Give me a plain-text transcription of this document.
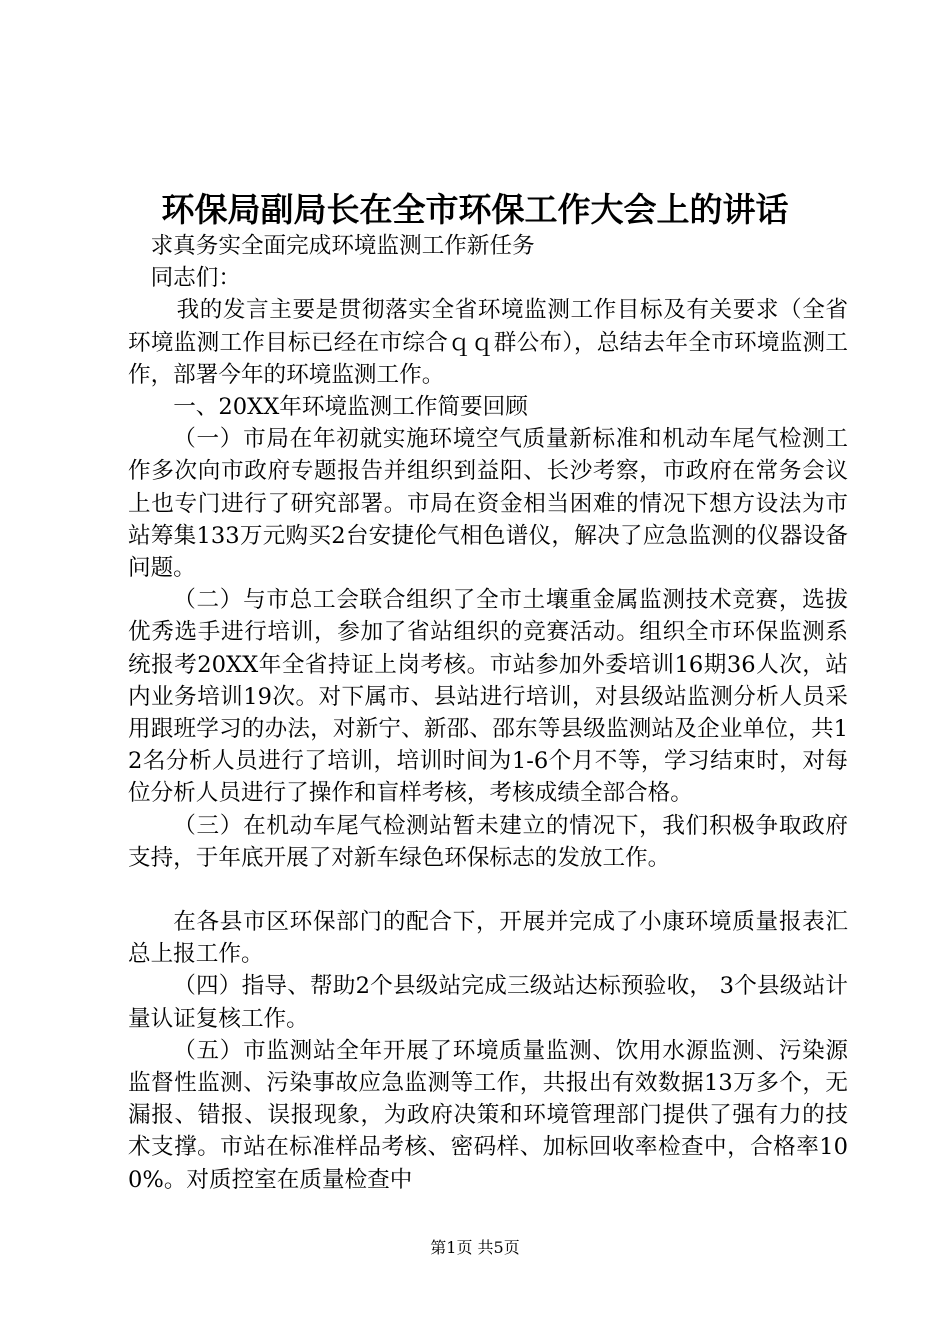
环保局副局长在全市环保工作大会上的讲话

求真务实全面完成环境监测工作新任务

同志们：

我的发言主要是贯彻落实全省环境监测工作目标及有关要求（全省环境监测工作目标已经在市综合ｑｑ群公布），总结去年全市环境监测工作，部署今年的环境监测工作。

一、20XX年环境监测工作简要回顾

（一）市局在年初就实施环境空气质量新标准和机动车尾气检测工作多次向市政府专题报告并组织到益阳、长沙考察，市政府在常务会议上也专门进行了研究部署。市局在资金相当困难的情况下想方设法为市站筹集133万元购买2台安捷伦气相色谱仪，解决了应急监测的仪器设备问题。

（二）与市总工会联合组织了全市土壤重金属监测技术竞赛，选拔优秀选手进行培训，参加了省站组织的竞赛活动。组织全市环保监测系统报考20XX年全省持证上岗考核。市站参加外委培训16期36人次，站内业务培训19次。对下属市、县站进行培训，对县级站监测分析人员采用跟班学习的办法，对新宁、新邵、邵东等县级监测站及企业单位，共12名分析人员进行了培训，培训时间为1-6个月不等，学习结束时，对每位分析人员进行了操作和盲样考核，考核成绩全部合格。

（三）在机动车尾气检测站暂未建立的情况下，我们积极争取政府支持，于年底开展了对新车绿色环保标志的发放工作。

在各县市区环保部门的配合下，开展并完成了小康环境质量报表汇总上报工作。

（四）指导、帮助2个县级站完成三级站达标预验收， 3个县级站计量认证复核工作。

（五）市监测站全年开展了环境质量监测、饮用水源监测、污染源监督性监测、污染事故应急监测等工作，共报出有效数据13万多个，无漏报、错报、误报现象，为政府决策和环境管理部门提供了强有力的技术支撑。市站在标准样品考核、密码样、加标回收率检查中，合格率100%。对质控室在质量检查中

第1页 共5页
